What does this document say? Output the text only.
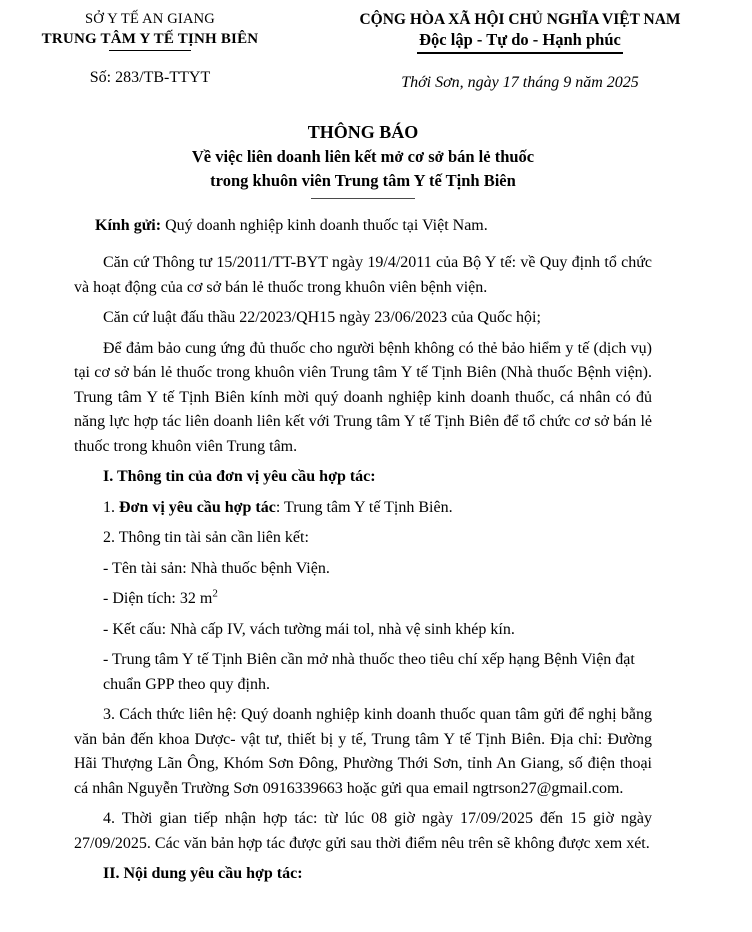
SỞ Y TẾ AN GIANG
TRUNG TÂM Y TẾ TỊNH BIÊN
Số: 283/TB-TTYT
CỘNG HÒA XÃ HỘI CHỦ NGHĨA VIỆT NAM
Độc lập - Tự do - Hạnh phúc
Thới Sơn, ngày 17 tháng 9 năm 2025
THÔNG BÁO
Về việc liên doanh liên kết mở cơ sở bán lẻ thuốc
trong khuôn viên Trung tâm Y tế Tịnh Biên
Kính gửi: Quý doanh nghiệp kinh doanh thuốc tại Việt Nam.

Căn cứ Thông tư 15/2011/TT-BYT ngày 19/4/2011 của Bộ Y tế: về Quy định tổ chức và hoạt động của cơ sở bán lẻ thuốc trong khuôn viên bệnh viện.

Căn cứ luật đấu thầu 22/2023/QH15 ngày 23/06/2023 của Quốc hội;

Để đảm bảo cung ứng đủ thuốc cho người bệnh không có thẻ bảo hiểm y tế (dịch vụ) tại cơ sở bán lẻ thuốc trong khuôn viên Trung tâm Y tế Tịnh Biên (Nhà thuốc Bệnh viện). Trung tâm Y tế Tịnh Biên kính mời quý doanh nghiệp kinh doanh thuốc, cá nhân có đủ năng lực hợp tác liên doanh liên kết với Trung tâm Y tế Tịnh Biên để tổ chức cơ sở bán lẻ thuốc trong khuôn viên Trung tâm.

I. Thông tin của đơn vị yêu cầu hợp tác:
1. Đơn vị yêu cầu hợp tác: Trung tâm Y tế Tịnh Biên.
2. Thông tin tài sản cần liên kết:
- Tên tài sản: Nhà thuốc bệnh Viện.
- Diện tích: 32 $m^2$
- Kết cấu: Nhà cấp IV, vách tường mái tol, nhà vệ sinh khép kín.
- Trung tâm Y tế Tịnh Biên cần mở nhà thuốc theo tiêu chí xếp hạng Bệnh Viện đạt chuẩn GPP theo quy định.

3. Cách thức liên hệ: Quý doanh nghiệp kinh doanh thuốc quan tâm gửi để nghị bằng văn bản đến khoa Dược- vật tư, thiết bị y tế, Trung tâm Y tế Tịnh Biên. Địa chỉ: Đường Hãi Thượng Lãn Ông, Khóm Sơn Đông, Phường Thới Sơn, tỉnh An Giang, số điện thoại cá nhân Nguyễn Trường Sơn 0916339663 hoặc gửi qua email ngtrson27@gmail.com.

4. Thời gian tiếp nhận hợp tác: từ lúc 08 giờ ngày 17/09/2025 đến 15 giờ ngày 27/09/2025. Các văn bản hợp tác được gửi sau thời điểm nêu trên sẽ không được xem xét.

II. Nội dung yêu cầu hợp tác:
